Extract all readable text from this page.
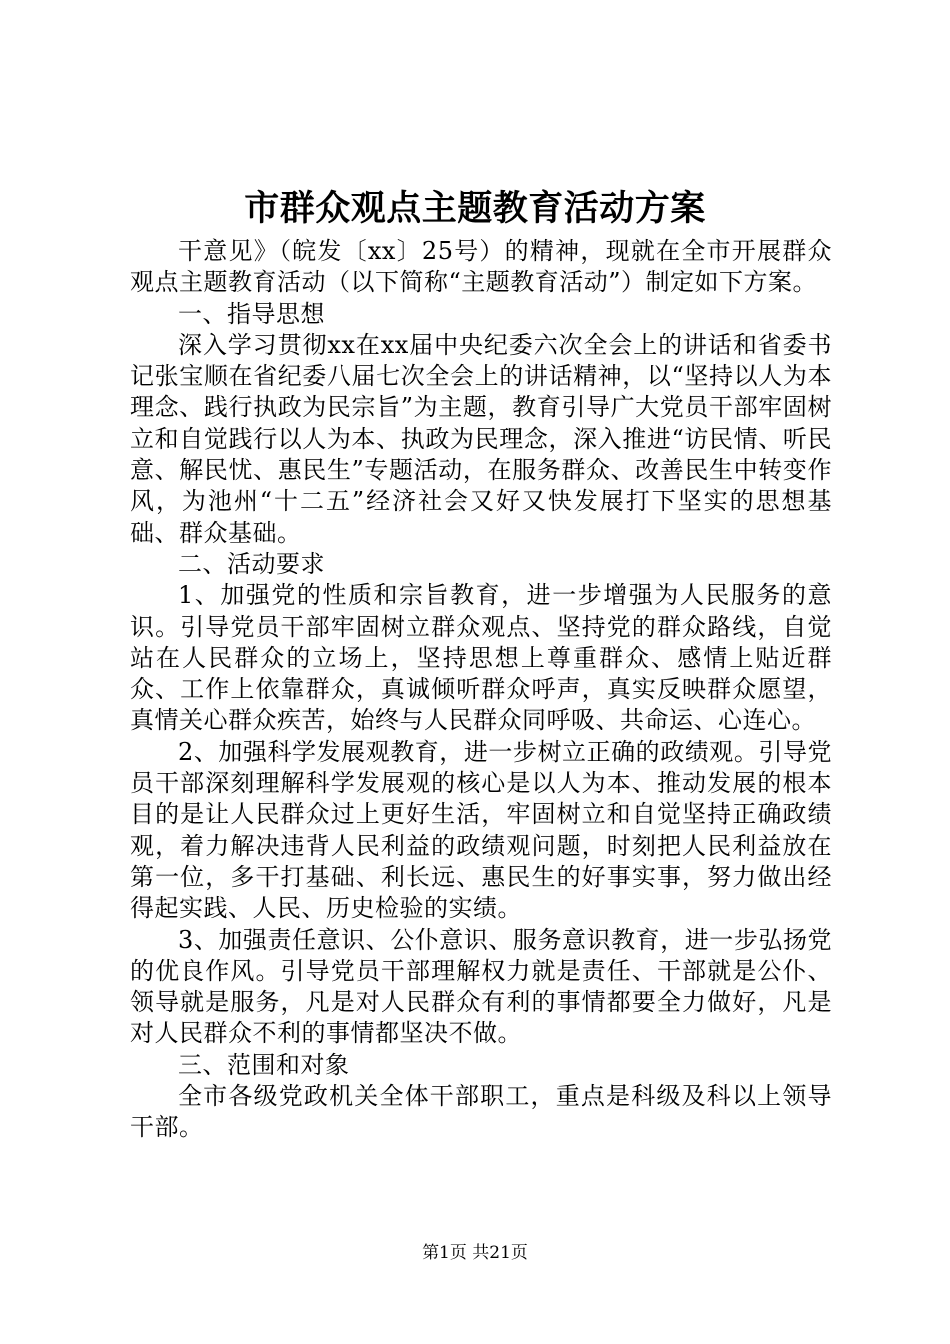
市群众观点主题教育活动方案

干意见》（皖发〔xx〕25号）的精神，现就在全市开展群众观点主题教育活动（以下简称“主题教育活动”）制定如下方案。

一、指导思想

深入学习贯彻xx在xx届中央纪委六次全会上的讲话和省委书记张宝顺在省纪委八届七次全会上的讲话精神，以“坚持以人为本理念、践行执政为民宗旨”为主题，教育引导广大党员干部牢固树立和自觉践行以人为本、执政为民理念，深入推进“访民情、听民意、解民忧、惠民生”专题活动，在服务群众、改善民生中转变作风，为池州“十二五”经济社会又好又快发展打下坚实的思想基础、群众基础。

二、活动要求

1、加强党的性质和宗旨教育，进一步增强为人民服务的意识。引导党员干部牢固树立群众观点、坚持党的群众路线，自觉站在人民群众的立场上，坚持思想上尊重群众、感情上贴近群众、工作上依靠群众，真诚倾听群众呼声，真实反映群众愿望，真情关心群众疾苦，始终与人民群众同呼吸、共命运、心连心。

2、加强科学发展观教育，进一步树立正确的政绩观。引导党员干部深刻理解科学发展观的核心是以人为本、推动发展的根本目的是让人民群众过上更好生活，牢固树立和自觉坚持正确政绩观，着力解决违背人民利益的政绩观问题，时刻把人民利益放在第一位，多干打基础、利长远、惠民生的好事实事，努力做出经得起实践、人民、历史检验的实绩。

3、加强责任意识、公仆意识、服务意识教育，进一步弘扬党的优良作风。引导党员干部理解权力就是责任、干部就是公仆、领导就是服务，凡是对人民群众有利的事情都要全力做好，凡是对人民群众不利的事情都坚决不做。

三、范围和对象

全市各级党政机关全体干部职工，重点是科级及科以上领导干部。

第1页 共21页
